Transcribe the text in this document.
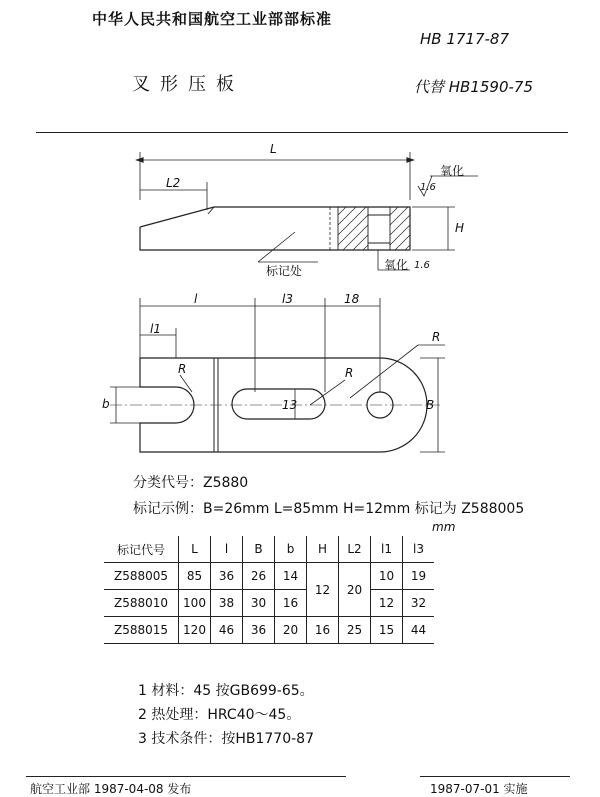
中华人民共和国航空工业部部标准
HB 1717-87
叉形压板	代替 HB1590-75
L
L2
氧化
1.6
H
标记处	氧化 1.6
l	l3	18
l1
R
R	R
b	13	B
分类代号：Z5880
标记示例：B=26mm L=85mm H=12mm 标记为 Z588005
mm
标记代号	L	l	B	b	H	L2	l1	l3
Z588005	85	36	26	14	12	20	10	19
Z588010	100	38	30	16			12	32
Z588015	120	46	36	20	16	25	15	44
1 材料：45 按GB699-65。
2 热处理：HRC40～45。
3 技术条件：按HB1770-87
航空工业部 1987-04-08 发布	1987-07-01 实施
